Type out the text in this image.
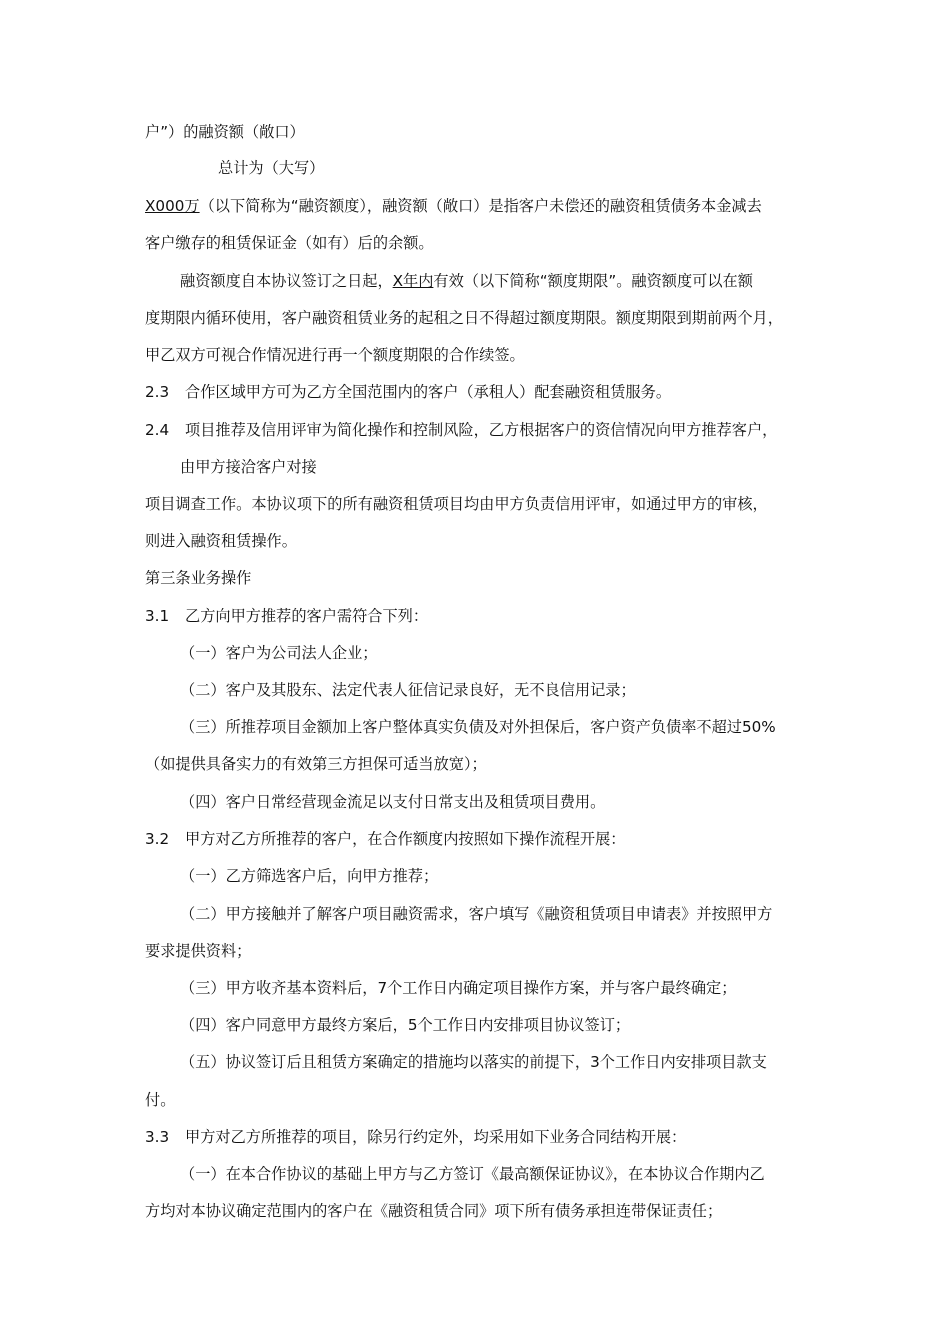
户”）的融资额（敞口）
总计为（大写）
X000万（以下简称为“融资额度），融资额（敞口）是指客户未偿还的融资租赁债务本金减去
客户缴存的租赁保证金（如有）后的余额。
融资额度自本协议签订之日起，X年内有效（以下简称“额度期限”。融资额度可以在额
度期限内循环使用，客户融资租赁业务的起租之日不得超过额度期限。额度期限到期前两个月，
甲乙双方可视合作情况进行再一个额度期限的合作续签。
2.3 合作区域甲方可为乙方全国范围内的客户（承租人）配套融资租赁服务。
2.4 项目推荐及信用评审为简化操作和控制风险，乙方根据客户的资信情况向甲方推荐客户，
由甲方接洽客户对接
项目调查工作。本协议项下的所有融资租赁项目均由甲方负责信用评审，如通过甲方的审核，
则进入融资租赁操作。
第三条业务操作
3.1 乙方向甲方推荐的客户需符合下列：
（一）客户为公司法人企业；
（二）客户及其股东、法定代表人征信记录良好，无不良信用记录；
（三）所推荐项目金额加上客户整体真实负债及对外担保后，客户资产负债率不超过50%
（如提供具备实力的有效第三方担保可适当放宽）；
（四）客户日常经营现金流足以支付日常支出及租赁项目费用。
3.2 甲方对乙方所推荐的客户，在合作额度内按照如下操作流程开展：
（一）乙方筛选客户后，向甲方推荐；
（二）甲方接触并了解客户项目融资需求，客户填写《融资租赁项目申请表》并按照甲方
要求提供资料；
（三）甲方收齐基本资料后，7个工作日内确定项目操作方案，并与客户最终确定；
（四）客户同意甲方最终方案后，5个工作日内安排项目协议签订；
（五）协议签订后且租赁方案确定的措施均以落实的前提下，3个工作日内安排项目款支
付。
3.3 甲方对乙方所推荐的项目，除另行约定外，均采用如下业务合同结构开展：
（一）在本合作协议的基础上甲方与乙方签订《最高额保证协议》，在本协议合作期内乙
方均对本协议确定范围内的客户在《融资租赁合同》项下所有债务承担连带保证责任；
